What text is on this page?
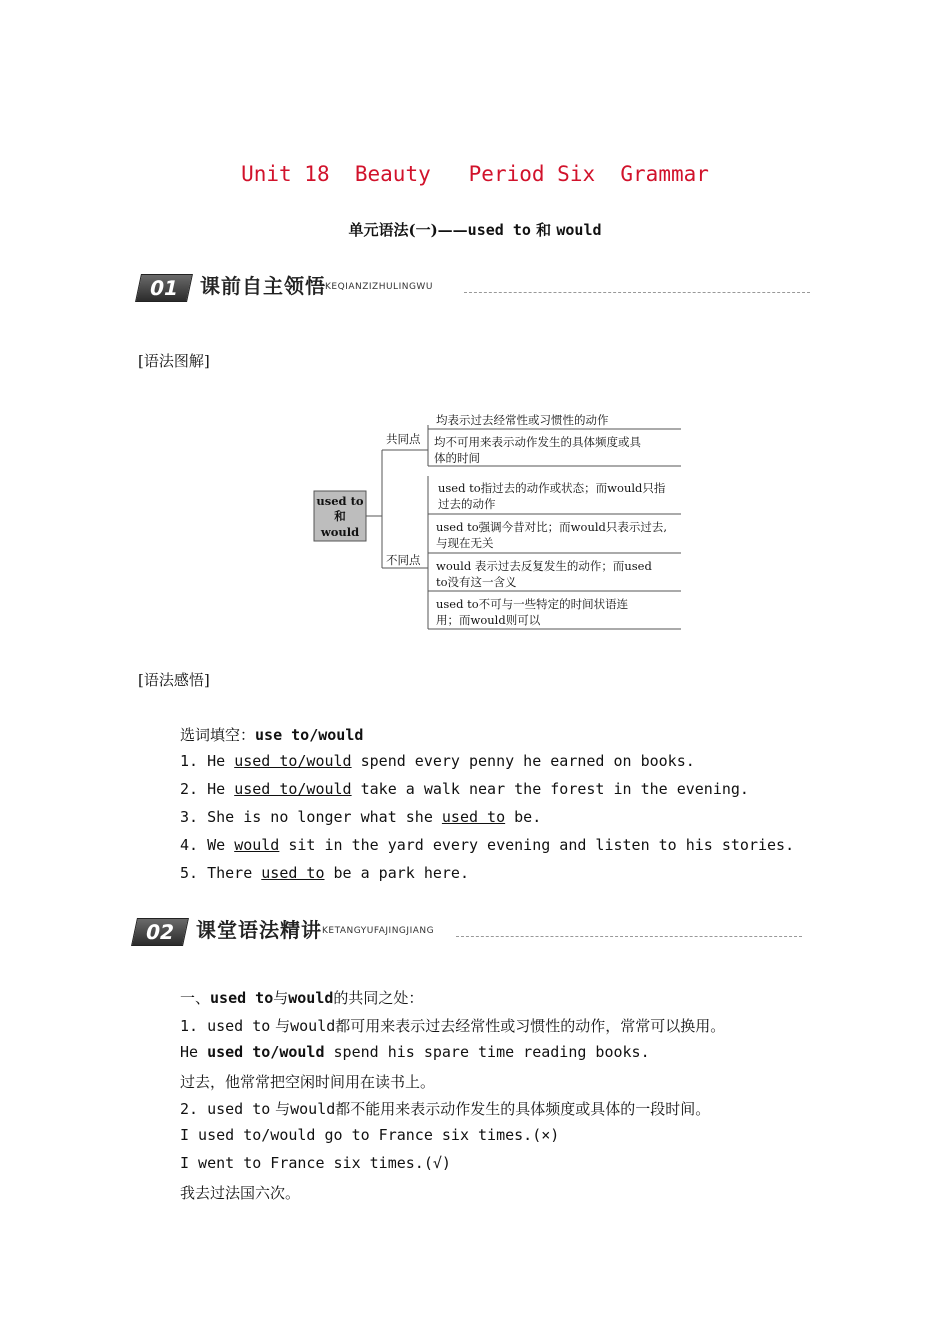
Unit 18  Beauty   Period Six  Grammar
单元语法(一)——used to 和 would
01 课前自主领悟 KEQIANZIZHULINGWU
[语法图解]
used to
和
would
共同点
不同点
均表示过去经常性或习惯性的动作
均不可用来表示动作发生的具体频度或具
体的时间
used to指过去的动作或状态；而would只指
过去的动作
used to强调今昔对比；而would只表示过去,
与现在无关
would 表示过去反复发生的动作；而used
to没有这一含义
used to不可与一些特定的时间状语连
用；而would则可以
[语法感悟]
选词填空：use to/would
1. He used to/would spend every penny he earned on books.
2. He used to/would take a walk near the forest in the evening.
3. She is no longer what she used to be.
4. We would sit in the yard every evening and listen to his stories.
5. There used to be a park here.
02 课堂语法精讲 KETANGYUFAJINGJIANG
一、used to与would的共同之处：
1. used to 与would都可用来表示过去经常性或习惯性的动作，常常可以换用。
He used to/would spend his spare time reading books.
过去，他常常把空闲时间用在读书上。
2. used to 与would都不能用来表示动作发生的具体频度或具体的一段时间。
I used to/would go to France six times.(×)
I went to France six times.(√)
我去过法国六次。
